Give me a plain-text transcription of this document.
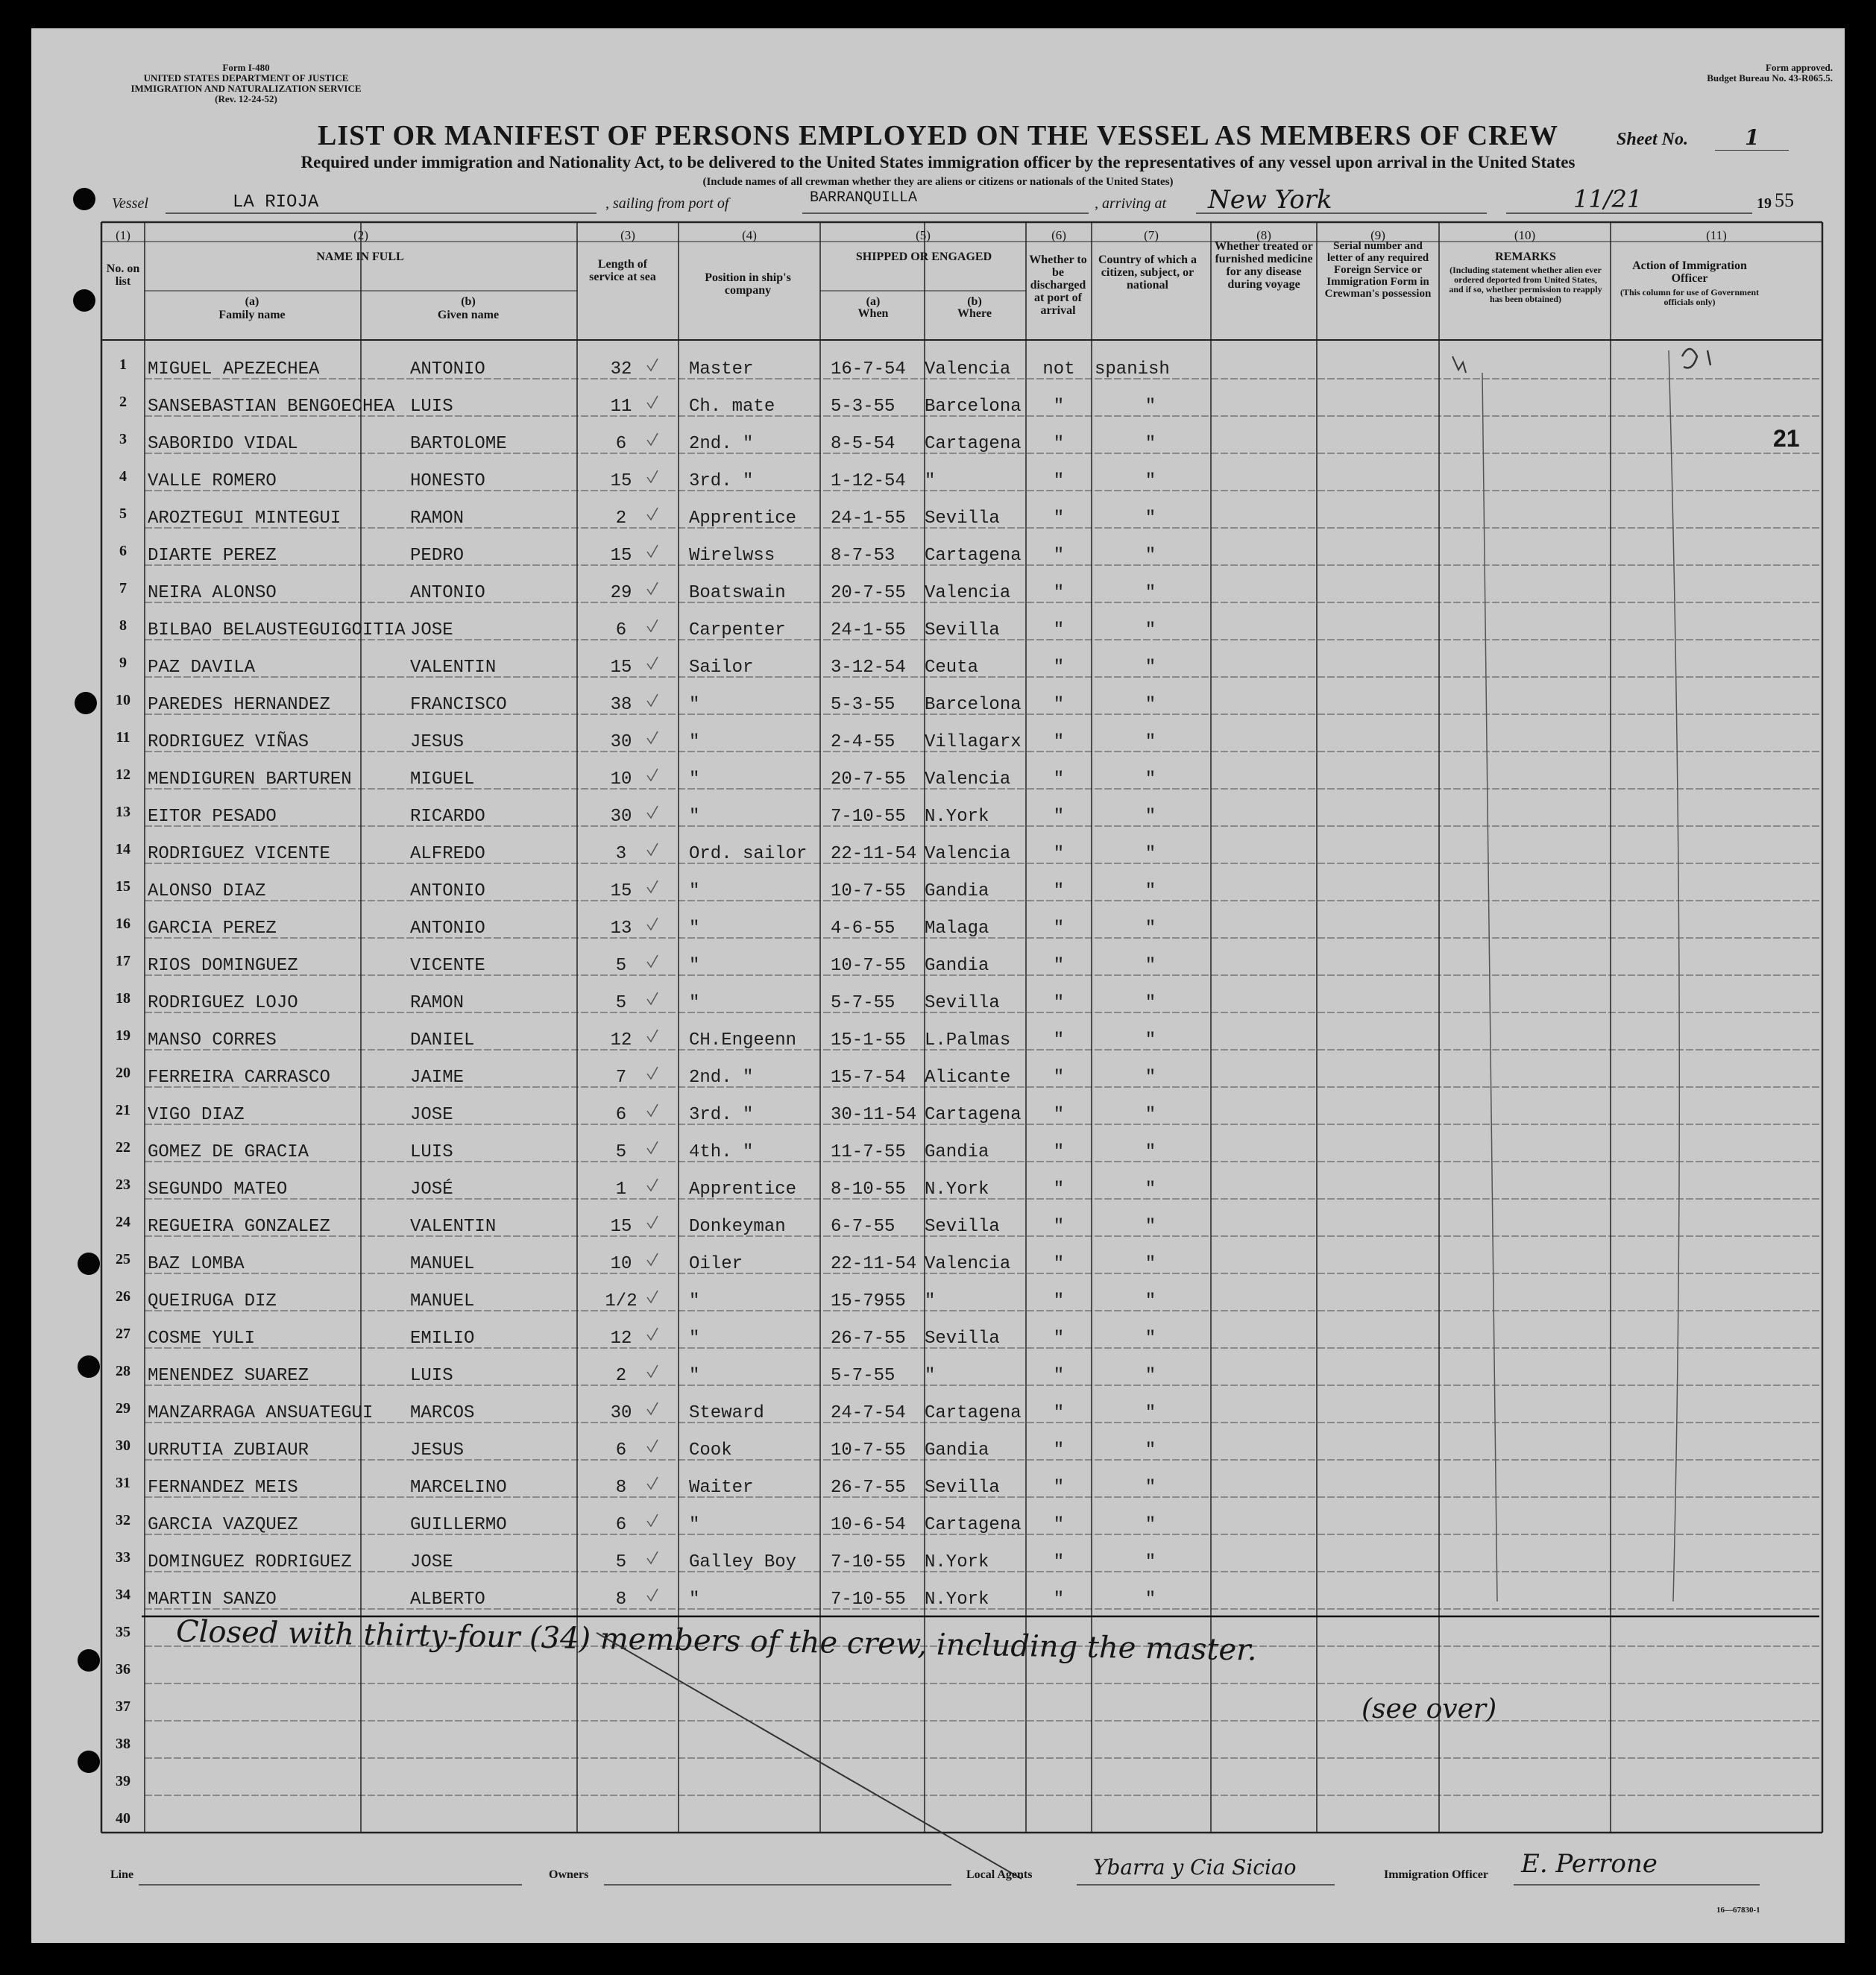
Form I-480
UNITED STATES DEPARTMENT OF JUSTICE
IMMIGRATION AND NATURALIZATION SERVICE
(Rev. 12-24-52)
Form approved.
Budget Bureau No. 43-R065.5.
LIST OR MANIFEST OF PERSONS EMPLOYED ON THE VESSEL AS MEMBERS OF CREW	Sheet No.	1
Required under immigration and Nationality Act, to be delivered to the United States immigration officer by the representatives of any vessel upon arrival in the United States
(Include names of all crewman whether they are aliens or citizens or nationals of the United States)
Vessel	LA RIOJA	, sailing from port of	BARRANQUILLA	, arriving at New York	11/21	19 55
(1)	(2)	(3)	(4)	(5)	(6)	(7)	(8)	(9)	(10)	(11)
No. on list
NAME IN FULL
(a)
Family name
(b)
Given name
Length of service at sea	Position in ship's company
SHIPPED OR ENGAGED
(a)
When
(b)
Where
Whether to be discharged at port of arrival
Country of which a citizen, subject, or national
Whether treated or furnished medicine for any disease during voyage
Serial number and letter of any required Foreign Service or Immigration Form in Crewman's possession
REMARKS
(Including statement whether alien ever ordered deported from United States, and if so, whether permission to reapply has been obtained)
Action of Immigration Officer
(This column for use of Government officials only)
1	MIGUEL APEZECHEA	ANTONIO	32	Master	16-7-54 Valencia	not	spanish
2	SANSEBASTIAN BENGOECHEA LUIS	11	Ch. mate	5-3-55 Barcelona	"	"
3	SABORIDO VIDAL	BARTOLOME	6	2nd. "	8-5-54 Cartagena	"	"
4	VALLE ROMERO	HONESTO	15	3rd. "	1-12-54 "	"	"
5	AROZTEGUI MINTEGUI	RAMON	2	Apprentice 24-1-55 Sevilla	"	"
6	DIARTE PEREZ	PEDRO	15	Wirelwss	8-7-53 Cartagena	"	"
7	NEIRA ALONSO	ANTONIO	29	Boatswain	20-7-55 Valencia	"	"
8	BILBAO BELAUSTEGUIGOITIA JOSE	6	Carpenter	24-1-55 Sevilla	"	"
9	PAZ DAVILA	VALENTIN	15	Sailor	3-12-54 Ceuta	"	"
10 PAREDES HERNANDEZ	FRANCISCO	38	"	5-3-55 Barcelona	"	"
11 RODRIGUEZ VIÑAS	JESUS	30	"	2-4-55 Villagarx	"	"
12 MENDIGUREN BARTUREN	MIGUEL	10	"	20-7-55 Valencia	"	"
13 EITOR PESADO	RICARDO	30	"	7-10-55 N.York	"	"
14 RODRIGUEZ VICENTE	ALFREDO	3	Ord. sailor 22-11-54 Valencia	"	"
15 ALONSO DIAZ	ANTONIO	15	"	10-7-55 Gandia	"	"
16 GARCIA PEREZ	ANTONIO	13	"	4-6-55 Malaga	"	"
17 RIOS DOMINGUEZ	VICENTE	5	"	10-7-55 Gandia	"	"
18 RODRIGUEZ LOJO	RAMON	5	"	5-7-55 Sevilla	"	"
19 MANSO CORRES	DANIEL	12	CH.Engeenn 15-1-55 L.Palmas	"	"
20 FERREIRA CARRASCO	JAIME	7	2nd. "	15-7-54 Alicante	"	"
21 VIGO DIAZ	JOSE	6	3rd. "	30-11-54 Cartagena	"	"
22 GOMEZ DE GRACIA	LUIS	5	4th. "	11-7-55 Gandia	"	"
23 SEGUNDO MATEO	JOSÉ	1	Apprentice 8-10-55 N.York	"	"
24 REGUEIRA GONZALEZ	VALENTIN	15	Donkeyman	6-7-55 Sevilla	"	"
25 BAZ LOMBA	MANUEL	10	Oiler	22-11-54 Valencia	"	"
26 QUEIRUGA DIZ	MANUEL	1/2	"	15-7955 "	"	"
27 COSME YULI	EMILIO	12	"	26-7-55 Sevilla	"	"
28 MENENDEZ SUAREZ	LUIS	2	"	5-7-55 "	"	"
29 MANZARRAGA ANSUATEGUI MARCOS	30	Steward	24-7-54 Cartagena	"	"
30 URRUTIA ZUBIAUR	JESUS	6	Cook	10-7-55 Gandia	"	"
31 FERNANDEZ MEIS	MARCELINO	8	Waiter	26-7-55 Sevilla	"	"
32 GARCIA VAZQUEZ	GUILLERMO	6	"	10-6-54 Cartagena	"	"
33 DOMINGUEZ RODRIGUEZ	JOSE	5	Galley Boy 7-10-55 N.York	"	"
34 MARTIN SANZO	ALBERTO	8	"	7-10-55 N.York	"	"
35
36
37
38
39
40
21
Closed with thirty-four (34) members of the crew, including the master.
(see over)
Line	Owners	Local Agents	Ybarra y Cia Siciao	Immigration Officer E. Perrone
16—67830-1
